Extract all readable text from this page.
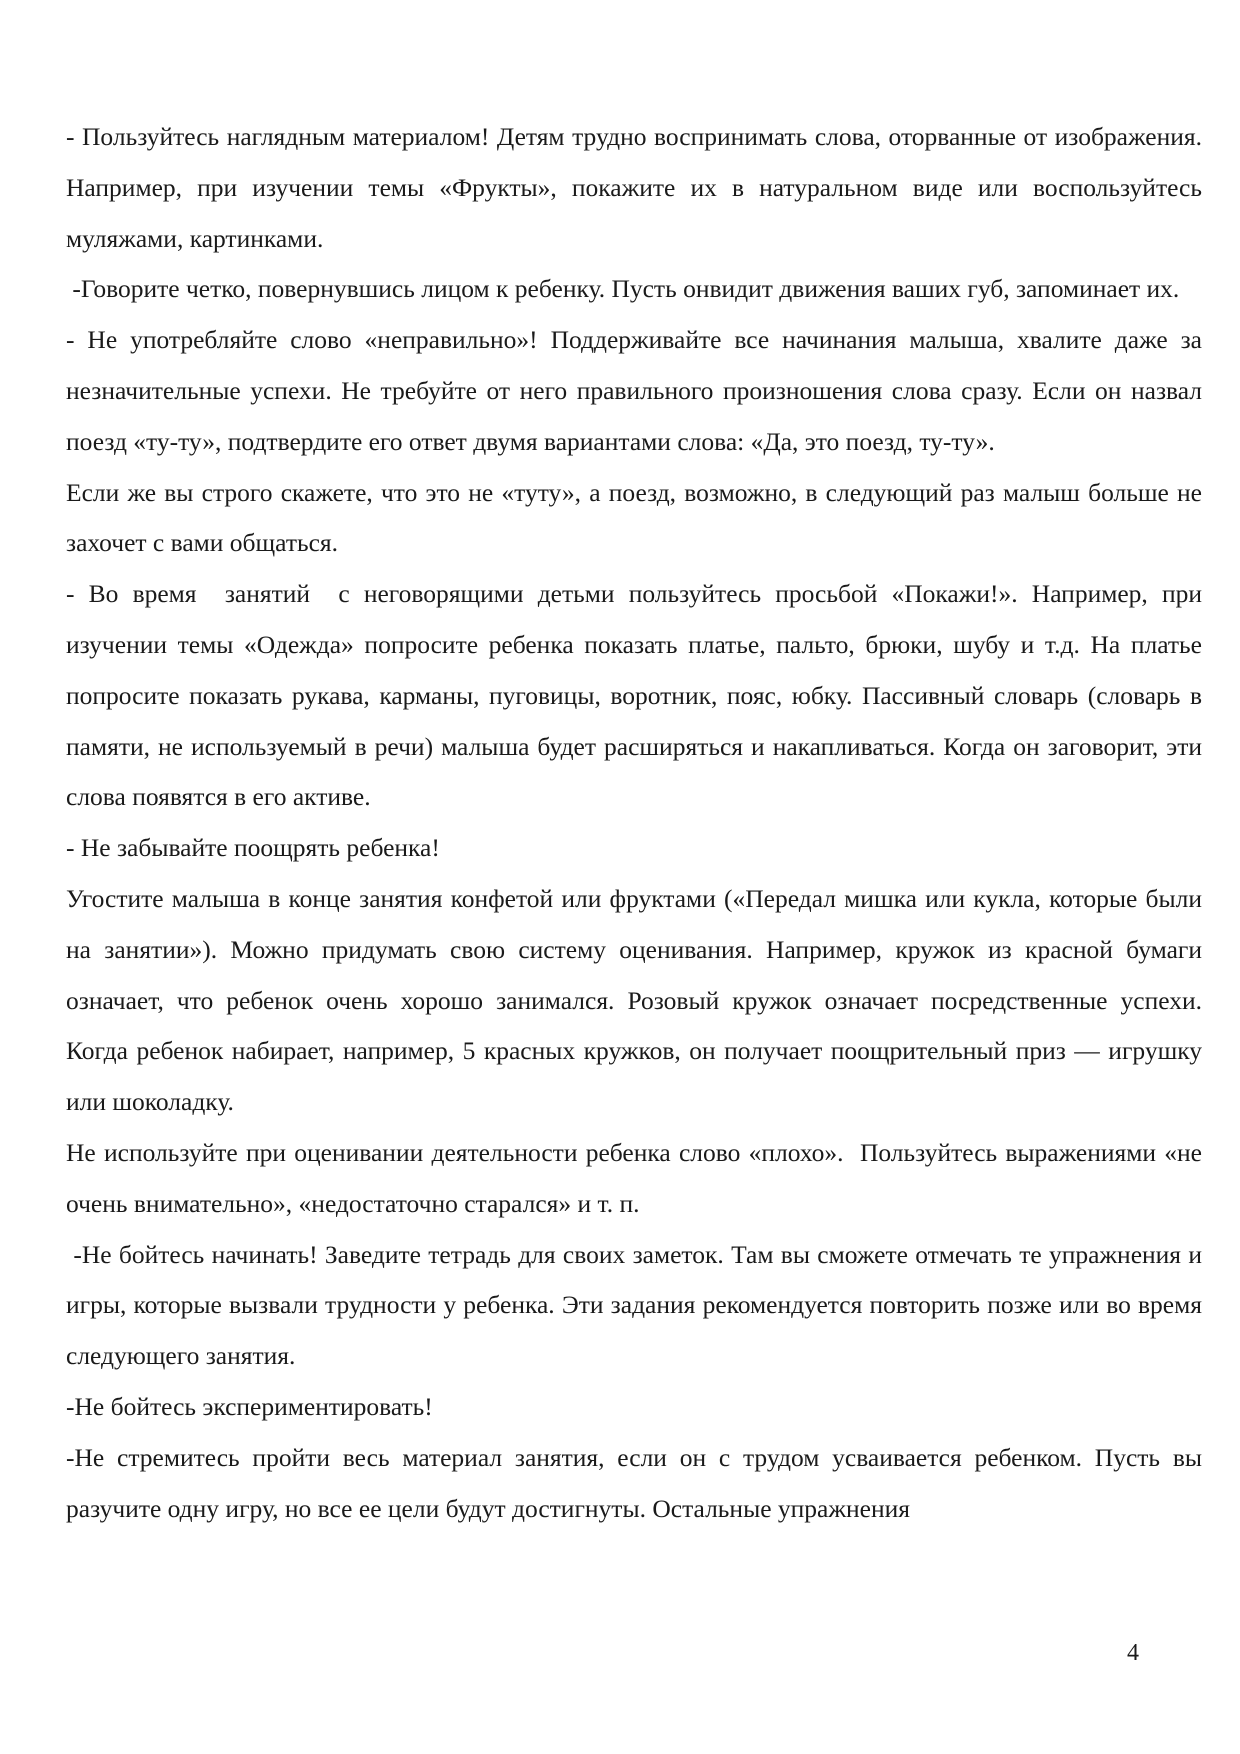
- Пользуйтесь наглядным материалом! Детям трудно воспринимать слова, оторванные от изображения. Например, при изучении темы «Фрукты», покажите их в натуральном виде или воспользуйтесь муляжами, картинками.

-Говорите четко, повернувшись лицом к ребенку. Пусть онвидит движения ваших губ, запоминает их.

- Не употребляйте слово «неправильно»! Поддерживайте все начинания малыша, хвалите даже за незначительные успехи. Не требуйте от него правильного произношения слова сразу. Если он назвал поезд «ту-ту», подтвердите его ответ двумя вариантами слова: «Да, это поезд, ту-ту».

Если же вы строго скажете, что это не «туту», а поезд, возможно, в следующий раз малыш больше не захочет с вами общаться.

- Во время  занятий  с неговорящими детьми пользуйтесь просьбой «Покажи!». Например, при изучении темы «Одежда» попросите ребенка показать платье, пальто, брюки, шубу и т.д. На платье попросите показать рукава, карманы, пуговицы, воротник, пояс, юбку. Пассивный словарь (словарь в памяти, не используемый в речи) малыша будет расширяться и накапливаться. Когда он заговорит, эти слова появятся в его активе.

- Не забывайте поощрять ребенка!

Угостите малыша в конце занятия конфетой или фруктами («Передал мишка или кукла, которые были на занятии»). Можно придумать свою систему оценивания. Например, кружок из красной бумаги означает, что ребенок очень хорошо занимался. Розовый кружок означает посредственные успехи. Когда ребенок набирает, например, 5 красных кружков, он получает поощрительный приз — игрушку или шоколадку.

Не используйте при оценивании деятельности ребенка слово «плохо».  Пользуйтесь выражениями «не очень внимательно», «недостаточно старался» и т. п.

-Не бойтесь начинать! Заведите тетрадь для своих заметок. Там вы сможете отмечать те упражнения и игры, которые вызвали трудности у ребенка. Эти задания рекомендуется повторить позже или во время следующего занятия.

-Не бойтесь экспериментировать!

-Не стремитесь пройти весь материал занятия, если он с трудом усваивается ребенком. Пусть вы разучите одну игру, но все ее цели будут достигнуты. Остальные упражнения

4
